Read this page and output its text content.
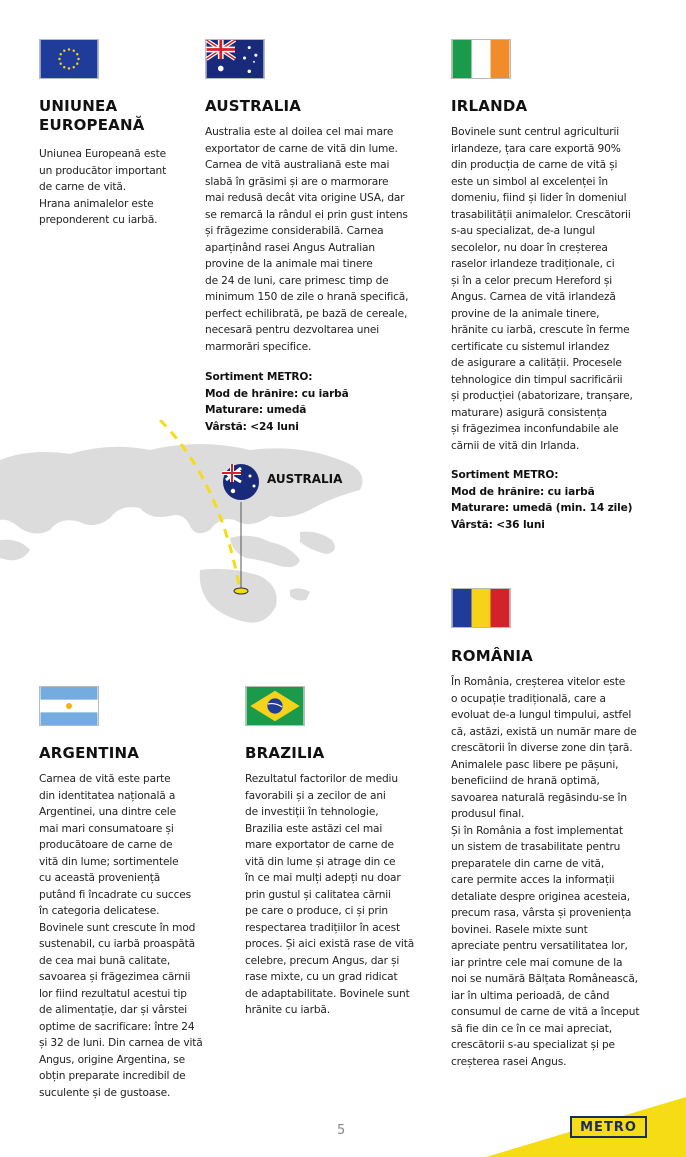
UNIUNEA
EUROPEANĂ
Uniunea Europeană este
un producător important
de carne de vită.
Hrana animalelor este
preponderent cu iarbă.
AUSTRALIA
Australia este al doilea cel mai mare
exportator de carne de vită din lume.
Carnea de vită australiană este mai
slabă în grăsimi și are o marmorare
mai redusă decât vita origine USA, dar
se remarcă la rândul ei prin gust intens
și frăgezime considerabilă. Carnea
aparținând rasei Angus Autralian
provine de la animale mai tinere
de 24 de luni, care primesc timp de
minimum 150 de zile o hrană specifică,
perfect echilibrată, pe bază de cereale,
necesară pentru dezvoltarea unei
marmorări specifice.
Sortiment METRO:
Mod de hrănire: cu iarbă
Maturare: umedă
Vârstă: <24 luni
IRLANDA
Bovinele sunt centrul agriculturii
irlandeze, țara care exportă 90%
din producția de carne de vită și
este un simbol al excelenței în
domeniu, fiind și lider în domeniul
trasabilității animalelor. Crescătorii
s-au specializat, de-a lungul
secolelor, nu doar în creșterea
raselor irlandeze tradiționale, ci
și în a celor precum Hereford și
Angus. Carnea de vită irlandeză
provine de la animale tinere,
hrănite cu iarbă, crescute în ferme
certificate cu sistemul irlandez
de asigurare a calității. Procesele
tehnologice din timpul sacrificării
și producției (abatorizare, tranșare,
maturare) asigură consistența
și frăgezimea inconfundabile ale
cărnii de vită din Irlanda.
Sortiment METRO:
Mod de hrănire: cu iarbă
Maturare: umedă (min. 14 zile)
Vârstă: <36 luni
AUSTRALIA
ROMÂNIA
În România, creșterea vitelor este
o ocupație tradițională, care a
evoluat de-a lungul timpului, astfel
că, astăzi, există un număr mare de
crescătorii în diverse zone din țară.
Animalele pasc libere pe pășuni,
beneficiind de hrană optimă,
savoarea naturală regăsindu-se în
produsul final.
Și în România a fost implementat
un sistem de trasabilitate pentru
preparatele din carne de vită,
care permite acces la informații
detaliate despre originea acesteia,
precum rasa, vârsta și proveniența
bovinei. Rasele mixte sunt
apreciate pentru versatilitatea lor,
iar printre cele mai comune de la
noi se numără Bălțata Românească,
iar în ultima perioadă, de când
consumul de carne de vită a început
să fie din ce în ce mai apreciat,
crescătorii s-au specializat și pe
creșterea rasei Angus.
ARGENTINA
Carnea de vită este parte
din identitatea națională a
Argentinei, una dintre cele
mai mari consumatoare și
producătoare de carne de
vită din lume; sortimentele
cu această proveniență
putând fi încadrate cu succes
în categoria delicatese.
Bovinele sunt crescute în mod
sustenabil, cu iarbă proaspătă
de cea mai bună calitate,
savoarea și frăgezimea cărnii
lor fiind rezultatul acestui tip
de alimentație, dar și vârstei
optime de sacrificare: între 24
și 32 de luni. Din carnea de vită
Angus, origine Argentina, se
obțin preparate incredibil de
suculente și de gustoase.
BRAZILIA
Rezultatul factorilor de mediu
favorabili și a zecilor de ani
de investiții în tehnologie,
Brazilia este astăzi cel mai
mare exportator de carne de
vită din lume și atrage din ce
în ce mai mulți adepți nu doar
prin gustul și calitatea cărnii
pe care o produce, ci și prin
respectarea tradițiilor în acest
proces. Și aici există rase de vită
celebre, precum Angus, dar și
rase mixte, cu un grad ridicat
de adaptabilitate. Bovinele sunt
hrănite cu iarbă.
5	METRO
